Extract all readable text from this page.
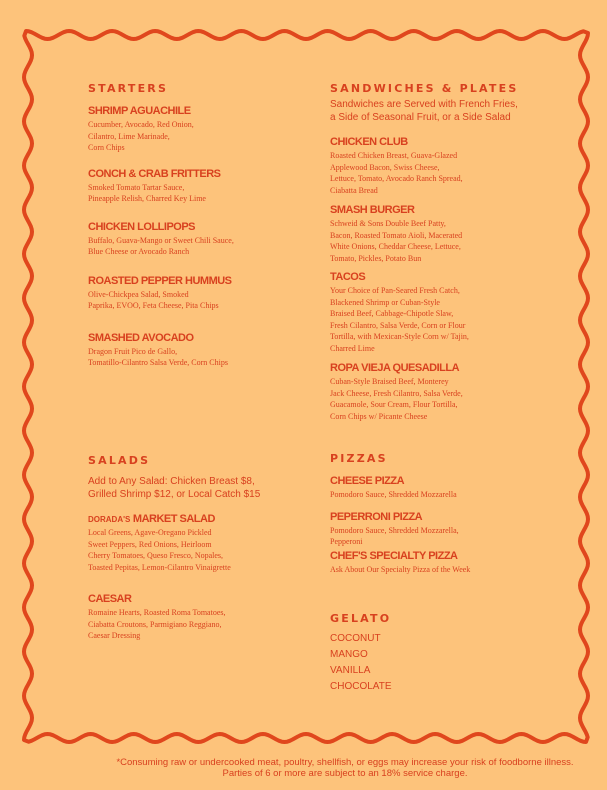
STARTERS
SHRIMP AGUACHILE
Cucumber, Avocado, Red Onion,
Cilantro, Lime Marinade,
Corn Chips
CONCH & CRAB FRITTERS
Smoked Tomato Tartar Sauce,
Pineapple Relish, Charred Key Lime
CHICKEN LOLLIPOPS
Buffalo, Guava-Mango or Sweet Chili Sauce,
Blue Cheese or Avocado Ranch
ROASTED PEPPER HUMMUS
Olive-Chickpea Salad, Smoked
Paprika, EVOO, Feta Cheese, Pita Chips
SMASHED AVOCADO
Dragon Fruit Pico de Gallo,
Tomatillo-Cilantro Salsa Verde, Corn Chips
SALADS
Add to Any Salad: Chicken Breast $8,
Grilled Shrimp $12, or Local Catch $15
DORADA'S MARKET SALAD
Local Greens, Agave-Oregano Pickled
Sweet Peppers, Red Onions, Heirloom
Cherry Tomatoes, Queso Fresco, Nopales,
Toasted Pepitas, Lemon-Cilantro Vinaigrette
CAESAR
Romaine Hearts, Roasted Roma Tomatoes,
Ciabatta Croutons, Parmigiano Reggiano,
Caesar Dressing
SANDWICHES & PLATES
Sandwiches are Served with French Fries,
a Side of Seasonal Fruit, or a Side Salad
CHICKEN CLUB
Roasted Chicken Breast, Guava-Glazed
Applewood Bacon, Swiss Cheese,
Lettuce, Tomato, Avocado Ranch Spread,
Ciabatta Bread
SMASH BURGER
Schweid & Sons Double Beef Patty,
Bacon, Roasted Tomato Aioli, Macerated
White Onions, Cheddar Cheese, Lettuce,
Tomato, Pickles, Potato Bun
TACOS
Your Choice of Pan-Seared Fresh Catch,
Blackened Shrimp or Cuban-Style
Braised Beef, Cabbage-Chipotle Slaw,
Fresh Cilantro, Salsa Verde, Corn or Flour
Tortilla, with Mexican-Style Corn w/ Tajin,
Charred Lime
ROPA VIEJA QUESADILLA
Cuban-Style Braised Beef, Monterey
Jack Cheese, Fresh Cilantro, Salsa Verde,
Guacamole, Sour Cream, Flour Tortilla,
Corn Chips w/ Picante Cheese
PIZZAS
CHEESE PIZZA
Pomodoro Sauce, Shredded Mozzarella
PEPERRONI PIZZA
Pomodoro Sauce, Shredded Mozzarella,
Pepperoni
CHEF'S SPECIALTY PIZZA
Ask About Our Specialty Pizza of the Week
GELATO
COCONUT
MANGO
VANILLA
CHOCOLATE
*Consuming raw or undercooked meat, poultry, shellfish, or eggs may increase your risk of foodborne illness.
Parties of 6 or more are subject to an 18% service charge.
